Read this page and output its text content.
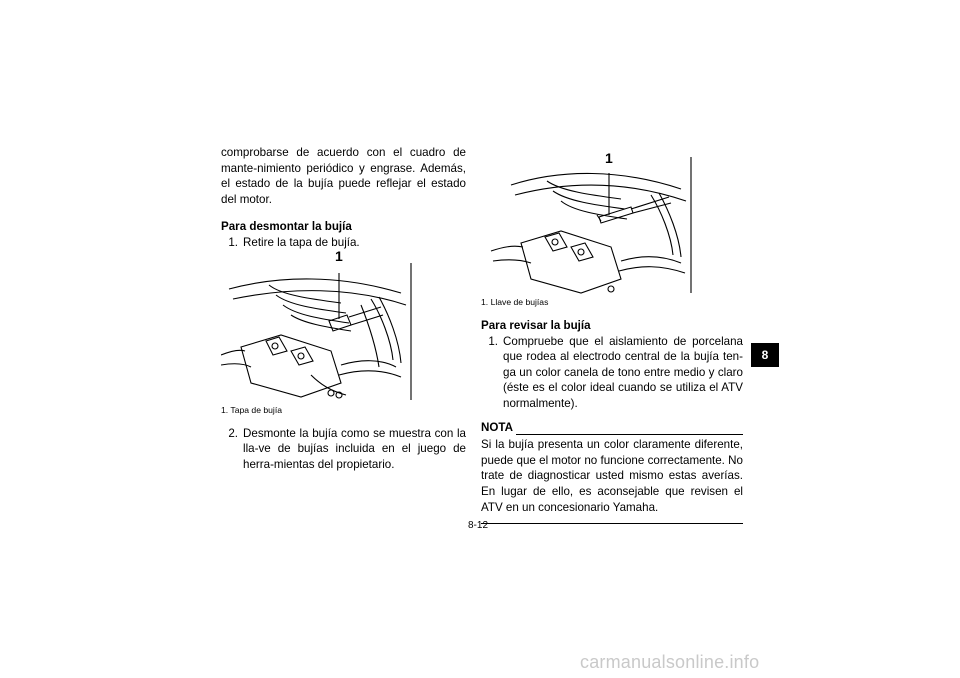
comprobarse de acuerdo con el cuadro de mante-nimiento periódico y engrase. Además, el estado de la bujía puede reflejar el estado del motor.

Para desmontar la bujía

1. Retire la tapa de bujía.
1
1. Tapa de bujía
2. Desmonte la bujía como se muestra con la lla-ve de bujías incluida en el juego de herra-mientas del propietario.
1
1. Llave de bujías

Para revisar la bujía

1. Compruebe que el aislamiento de porcelana que rodea al electrodo central de la bujía ten-ga un color canela de tono entre medio y claro (éste es el color ideal cuando se utiliza el ATV normalmente).
NOTA

Si la bujía presenta un color claramente diferente, puede que el motor no funcione correctamente. No trate de diagnosticar usted mismo estas averías. En lugar de ello, es aconsejable que revisen el ATV en un concesionario Yamaha.

8
8-12
carmanualsonline.info
